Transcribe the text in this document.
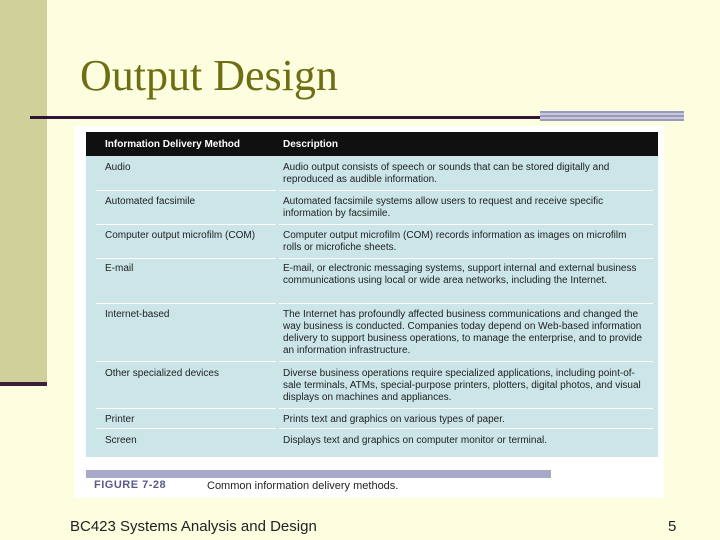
Output Design
Information Delivery Method	Description
Audio	Audio output consists of speech or sounds that can be stored digitally and reproduced as audible information.
Automated facsimile	Automated facsimile systems allow users to request and receive specific information by facsimile.
Computer output microfilm (COM)	Computer output microfilm (COM) records information as images on microfilm rolls or microfiche sheets.
E-mail	E-mail, or electronic messaging systems, support internal and external business communications using local or wide area networks, including the Internet.
Internet-based	The Internet has profoundly affected business communications and changed the way business is conducted. Companies today depend on Web-based information delivery to support business operations, to manage the enterprise, and to provide an information infrastructure.
Other specialized devices	Diverse business operations require specialized applications, including point-of-sale terminals, ATMs, special-purpose printers, plotters, digital photos, and visual displays on machines and appliances.
Printer	Prints text and graphics on various types of paper.
Screen	Displays text and graphics on computer monitor or terminal.
FIGURE 7-28	Common information delivery methods.
BC423 Systems Analysis and Design	5
